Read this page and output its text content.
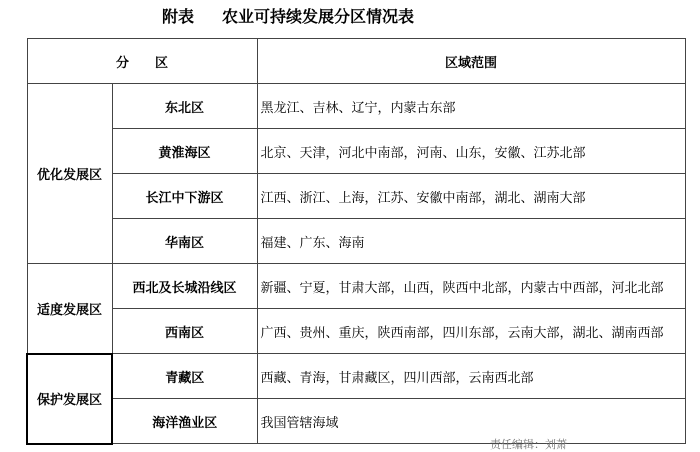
附表 农业可持续发展分区情况表
分　　区		区域范围
优化发展区	东北区	黑龙江、吉林、辽宁，内蒙古东部
	黄淮海区	北京、天津，河北中南部，河南、山东，安徽、江苏北部
	长江中下游区	江西、浙江、上海，江苏、安徽中南部，湖北、湖南大部
	华南区	福建、广东、海南
适度发展区	西北及长城沿线区	新疆、宁夏，甘肃大部，山西，陕西中北部，内蒙古中西部，河北北部
	西南区	广西、贵州、重庆，陕西南部，四川东部，云南大部，湖北、湖南西部
保护发展区	青藏区	西藏、青海，甘肃藏区，四川西部，云南西北部
	海洋渔业区	我国管辖海域
责任编辑：刘萧
